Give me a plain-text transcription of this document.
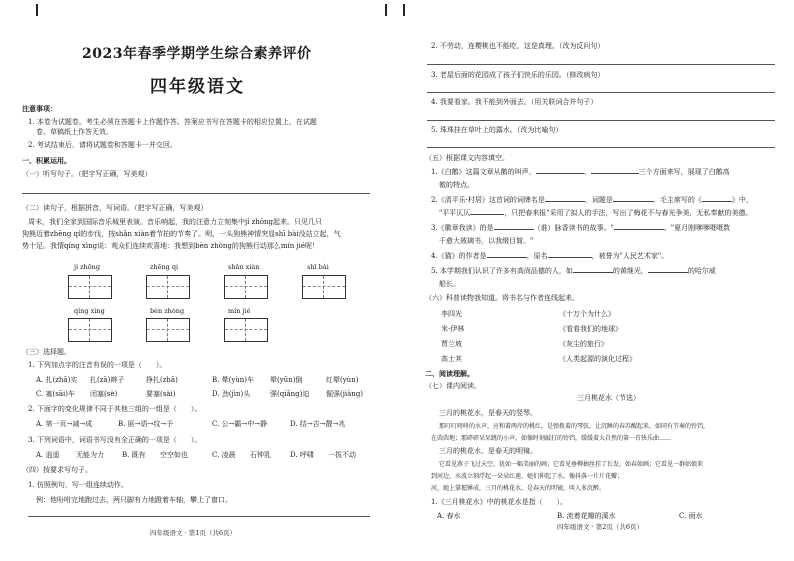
2023年春季学期学生综合素养评价
四年级语文
注意事项：
1. 本卷为试题卷。考生必须在答题卡上作题作答。答案应书写在答题卡的相应位置上，在试题
卷、草稿纸上作答无效。
2. 考试结束后，请将试题卷和答题卡一并交回。
一、积累运用。
（一）听写句子。（把字写正确，写美观）
（二）读句子，根据拼音，写词语。（把字写正确，写美观）
周末，我们全家到国际音乐城里表演。音乐响起，我的注意力立刻集中jí zhōng起来。只见几只
狗熊迈着zhēng qí的步伐，按shǎn xiàn着节拍的节奏了。明，一头狗熊神情突显shī bài没站立起，气
势十足。我情qíng xìng说：观众们连续欢喜地：我想到bèn zhòng的狗熊行动那么mín jié呢！
jí zhōng	zhēng qí	shǎn xiàn	shī bài
qíng xìng	bèn zhòng	mín jié
（三）选择题。
1. 下列加点字的注音有误的一项是（　　）。
A. 扎(zhā)实 扎(zā)辫子	挣扎(zhā)	B. 晕(yùn)车 晕(yūn)倒	红晕(yùn)
C. 塞(sāi)车 闭塞(sè)	要塞(sài)	D. 劲(jìn)头	强(qiǎng)迫 倔强(jiàng)
2. 下面字的变化规律不同于其他三组的一组是（　　）。
A. 第一页→减→成	B. 匪→语→纹→予	C. 公→霸→中→静	D. 结→吉→靓→兆
3. 下列词语中，词语书写没有全正确的一项是（　　）。
A. 逍遥 无能为力	B. 既有 空空如也	C. 凌晨 石钟乳	D. 呼啸 一拔不动
（四）按要求写句子。
1. 仿照例句，写一组连续动作。
例：他吩咐完地跑过去，两只脚有力地蹬着车轴，攀上了窗口。
四年级语文 · 第1页（共6页）
2. 不劳动，连樱桃也不能吃，这是真理。（改为反问句）
3. 老屋后面的花园成了孩子们快乐的乐园。（修改病句）
4. 我要看家。我不能到外面去。（用关联词合并句子）
5. 珠珠挂在草叶上的露水。（改为比喻句）
（五）根据课文内容填空。
1.《白鹅》这篇文章从鹅的叫声、	、	三个方面来写，展现了白鹅高
傲的特点。
2.《清平乐·村居》这首词的词牌名是	，词题是	。毛主席写的《	》中，
"平平仄仄	，只把春来报"采用了拟人的手法，写出了梅花不与春光争美，无私奉献的美德。
3.《徽章我读》的是	（谁）脉香读书的故事。"	。"夏月刚嗲嗲嗫嗫数
千愈大玻璃书，以我缀目简。"
4.《猫》的作者是	，原名	，被誉为"人民艺术家"。
5. 本学期我们认识了许多有高尚品德的人，如	的黄继光，	的哈尔威
船长。
（六）科普读物我知道。将书名与作者连线起来。
李四光
米·伊林
贾兰坡
高士其
《十万个为什么》
《看看我们的地球》
《灰尘的旅行》
《人类起源的演化过程》
二、阅读理解。
（七）课内阅读。
三月桃花水（节选）
三月的桃花水，是春天的竖琴。
那叮叮咚咚的水声，应和着两岸的桃红，是弹拨着的琴弦，让沉睡的春苏醒起来，如同有节奏的铃铛，
在茵茵地；那碎碎呆呆跳的小声，如像时刻敲打的铃铛，缓缓着大自然的第一首快乐曲……
三月的桃花水，是春天的明镜。
它看见燕子飞过天空，犹如一幅美丽的画；它看见垂柳抽丝挂了长发，如春如画；它看见一群姑娘来
到河边，水波立刻浮起一朵朵红莲，她们伸起了水，像抖落一片片花瓣；
河，她上掌握锤成，三月的桃花水，是春天的明镜，叫人多沉醉。
1.《三月桃花水》中的桃花水是指（　　）。
A. 春水	B. 流着花瓣的溪水	C. 雨水
四年级语文 · 第2页（共6页）
